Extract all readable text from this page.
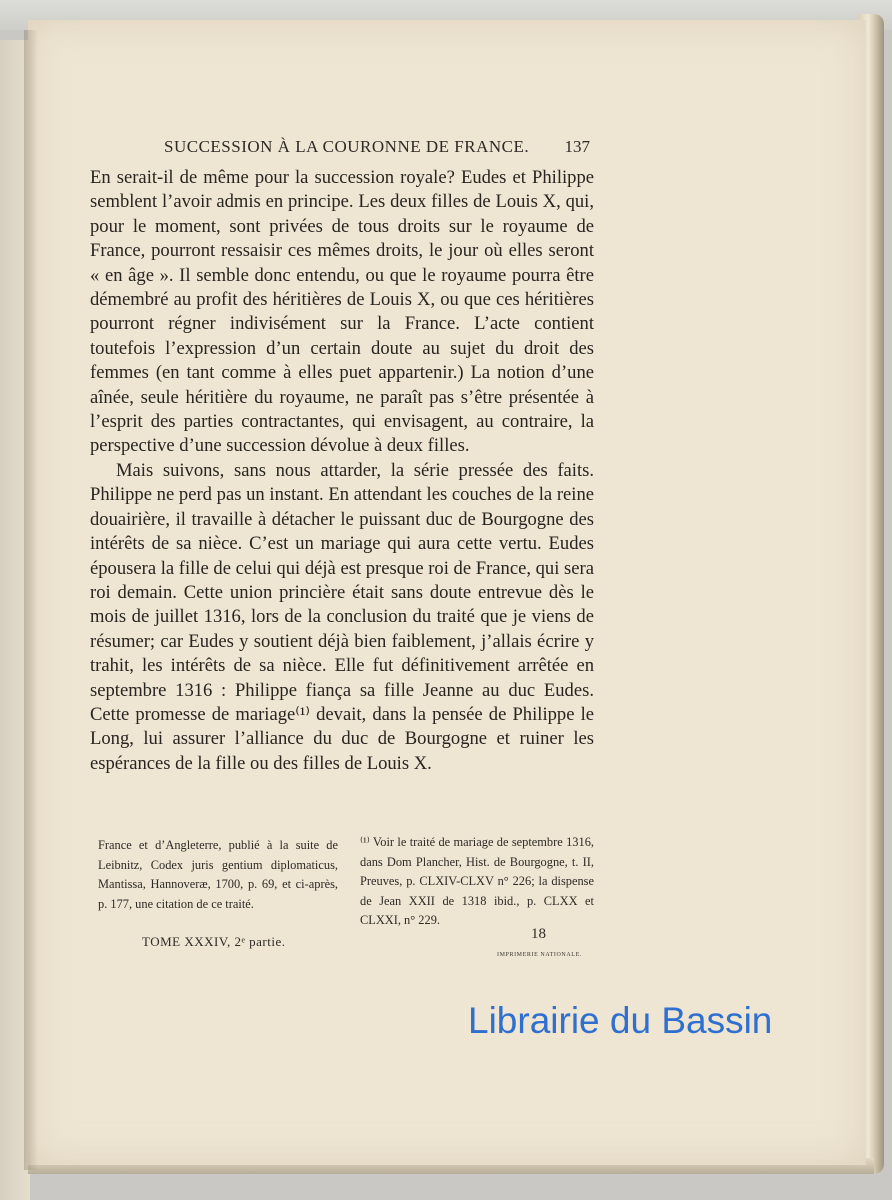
SUCCESSION À LA COURONNE DE FRANCE. 137

En serait-il de même pour la succession royale? Eudes et Philippe semblent l’avoir admis en principe. Les deux filles de Louis X, qui, pour le moment, sont privées de tous droits sur le royaume de France, pourront ressaisir ces mêmes droits, le jour où elles seront « en âge ». Il semble donc entendu, ou que le royaume pourra être démembré au profit des héritières de Louis X, ou que ces héritières pourront régner indivisément sur la France. L’acte contient toutefois l’expression d’un certain doute au sujet du droit des femmes (en tant comme à elles puet appartenir.) La notion d’une aînée, seule héritière du royaume, ne paraît pas s’être présentée à l’esprit des parties contractantes, qui envisagent, au contraire, la perspective d’une succession dévolue à deux filles.

Mais suivons, sans nous attarder, la série pressée des faits. Philippe ne perd pas un instant. En attendant les couches de la reine douairière, il travaille à détacher le puissant duc de Bourgogne des intérêts de sa nièce. C’est un mariage qui aura cette vertu. Eudes épousera la fille de celui qui déjà est presque roi de France, qui sera roi demain. Cette union princière était sans doute entrevue dès le mois de juillet 1316, lors de la conclusion du traité que je viens de résumer; car Eudes y soutient déjà bien faiblement, j’allais écrire y trahit, les intérêts de sa nièce. Elle fut définitivement arrêtée en septembre 1316 : Philippe fiança sa fille Jeanne au duc Eudes. Cette promesse de mariage⁽¹⁾ devait, dans la pensée de Philippe le Long, lui assurer l’alliance du duc de Bourgogne et ruiner les espérances de la fille ou des filles de Louis X.

France et d’Angleterre, publié à la suite de Leibnitz, Codex juris gentium diplomaticus, Mantissa, Hannoveræ, 1700, p. 69, et ci-après, p. 177, une citation de ce traité.

⁽¹⁾ Voir le traité de mariage de septembre 1316, dans Dom Plancher, Hist. de Bourgogne, t. II, Preuves, p. CLXIV-CLXV n° 226; la dispense de Jean XXII de 1318 ibid., p. CLXX et CLXXI, n° 229.

TOME XXXIV, 2ᵉ partie.	18
IMPRIMERIE NATIONALE.
Librairie du Bassin
